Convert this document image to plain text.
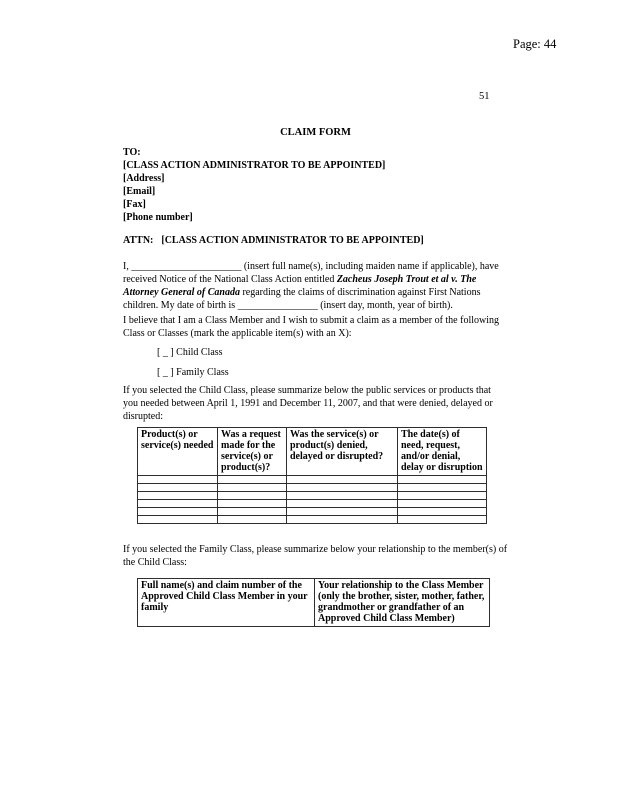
Page: 44
51
CLAIM FORM

TO:

[CLASS ACTION ADMINISTRATOR TO BE APPOINTED]

[Address]

[Email]

[Fax]

[Phone number]

ATTN: [CLASS ACTION ADMINISTRATOR TO BE APPOINTED]

I, ______________________ (insert full name(s), including maiden name if applicable), have received Notice of the National Class Action entitled Zacheus Joseph Trout et al v. The Attorney General of Canada regarding the claims of discrimination against First Nations children. My date of birth is ________________ (insert day, month, year of birth).

I believe that I am a Class Member and I wish to submit a claim as a member of the following Class or Classes (mark the applicable item(s) with an X):

[ _ ] Child Class

[ _ ] Family Class

If you selected the Child Class, please summarize below the public services or products that you needed between April 1, 1991 and December 11, 2007, and that were denied, delayed or disrupted:

Product(s) or service(s) needed	Was a request made for the service(s) or product(s)?	Was the service(s) or product(s) denied, delayed or disrupted?	The date(s) of need, request, and/or denial, delay or disruption

If you selected the Family Class, please summarize below your relationship to the member(s) of the Child Class:

Full name(s) and claim number of the Approved Child Class Member in your family	Your relationship to the Class Member (only the brother, sister, mother, father, grandmother or grandfather of an Approved Child Class Member)
